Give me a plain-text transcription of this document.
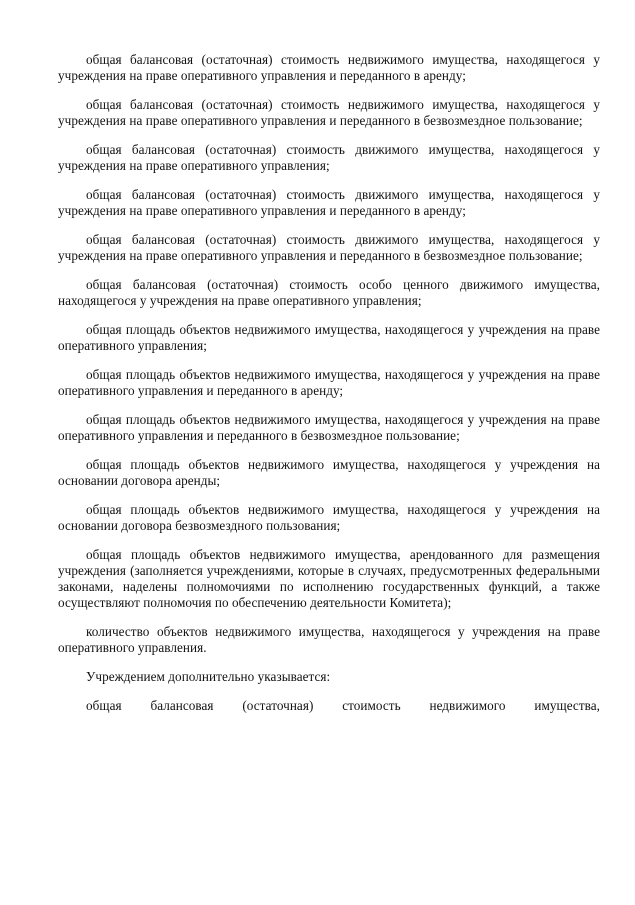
общая балансовая (остаточная) стоимость недвижимого имущества, находящегося у учреждения на праве оперативного управления и переданного в аренду;

общая балансовая (остаточная) стоимость недвижимого имущества, находящегося у учреждения на праве оперативного управления и переданного в безвозмездное пользование;

общая балансовая (остаточная) стоимость движимого имущества, находящегося у учреждения на праве оперативного управления;

общая балансовая (остаточная) стоимость движимого имущества, находящегося у учреждения на праве оперативного управления и переданного в аренду;

общая балансовая (остаточная) стоимость движимого имущества, находящегося у учреждения на праве оперативного управления и переданного в безвозмездное пользование;

общая балансовая (остаточная) стоимость особо ценного движимого имущества, находящегося у учреждения на праве оперативного управления;

общая площадь объектов недвижимого имущества, находящегося у учреждения на праве оперативного управления;

общая площадь объектов недвижимого имущества, находящегося у учреждения на праве оперативного управления и переданного в аренду;

общая площадь объектов недвижимого имущества, находящегося у учреждения на праве оперативного управления и переданного в безвозмездное пользование;

общая площадь объектов недвижимого имущества, находящегося у учреждения на основании договора аренды;

общая площадь объектов недвижимого имущества, находящегося у учреждения на основании договора безвозмездного пользования;

общая площадь объектов недвижимого имущества, арендованного для размещения учреждения (заполняется учреждениями, которые в случаях, предусмотренных федеральными законами, наделены полномочиями по исполнению государственных функций, а также осуществляют полномочия по обеспечению деятельности Комитета);

количество объектов недвижимого имущества, находящегося у учреждения на праве оперативного управления.

Учреждением дополнительно указывается:

общая балансовая (остаточная) стоимость недвижимого имущества,
